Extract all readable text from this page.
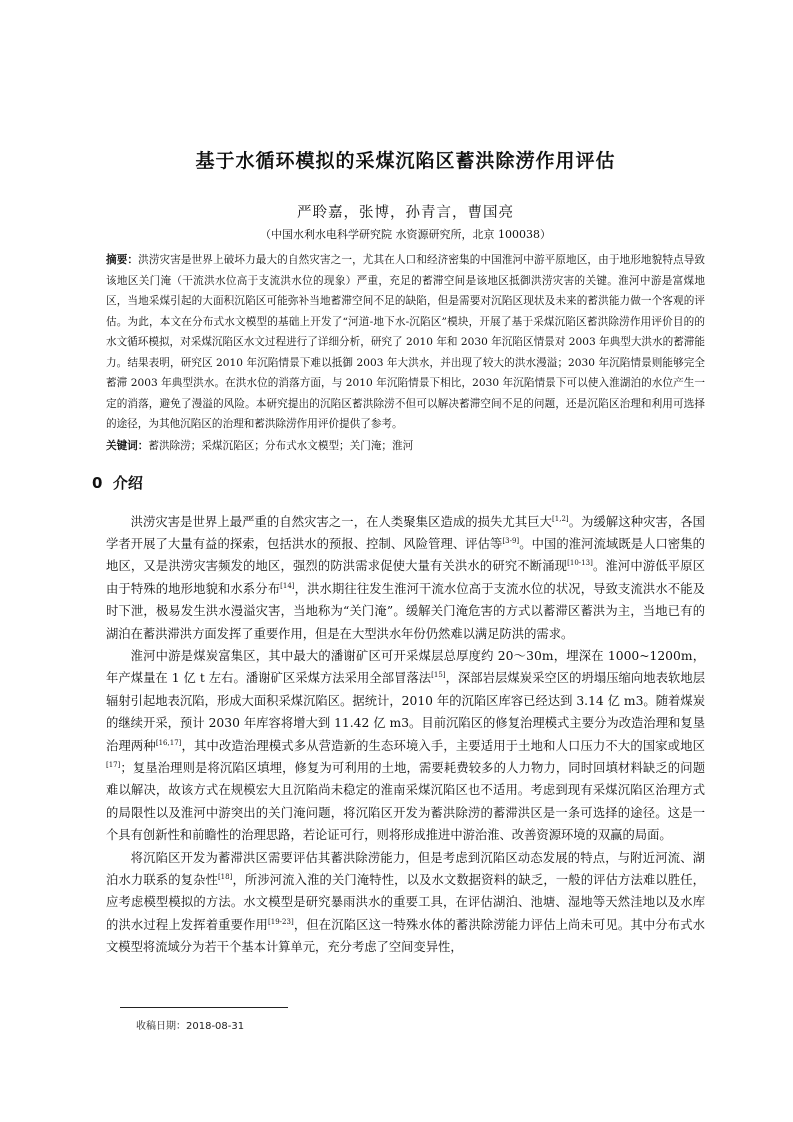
基于水循环模拟的采煤沉陷区蓄洪除涝作用评估
严聆嘉，张博，孙青言，曹国亮
（中国水利水电科学研究院 水资源研究所，北京 100038）
摘要：洪涝灾害是世界上破坏力最大的自然灾害之一，尤其在人口和经济密集的中国淮河中游平原地区，由于地形地貌特点导致该地区关门淹（干流洪水位高于支流洪水位的现象）严重，充足的蓄滞空间是该地区抵御洪涝灾害的关键。淮河中游是富煤地区，当地采煤引起的大面积沉陷区可能弥补当地蓄滞空间不足的缺陷，但是需要对沉陷区现状及未来的蓄洪能力做一个客观的评估。为此，本文在分布式水文模型的基础上开发了“河道-地下水-沉陷区”模块，开展了基于采煤沉陷区蓄洪除涝作用评价目的的水文循环模拟，对采煤沉陷区水文过程进行了详细分析，研究了 2010 年和 2030 年沉陷区情景对 2003 年典型大洪水的蓄滞能力。结果表明，研究区 2010 年沉陷情景下难以抵御 2003 年大洪水，并出现了较大的洪水漫溢；2030 年沉陷情景则能够完全蓄滞 2003 年典型洪水。在洪水位的消落方面，与 2010 年沉陷情景下相比，2030 年沉陷情景下可以使入淮湖泊的水位产生一定的消落，避免了漫溢的风险。本研究提出的沉陷区蓄洪除涝不但可以解决蓄滞空间不足的问题，还是沉陷区治理和利用可选择的途径，为其他沉陷区的治理和蓄洪除涝作用评价提供了参考。
关键词：蓄洪除涝；采煤沉陷区；分布式水文模型；关门淹；淮河
0 介绍

洪涝灾害是世界上最严重的自然灾害之一，在人类聚集区造成的损失尤其巨大[1,2]。为缓解这种灾害，各国学者开展了大量有益的探索，包括洪水的预报、控制、风险管理、评估等[3-9]。中国的淮河流域既是人口密集的地区，又是洪涝灾害频发的地区，强烈的防洪需求促使大量有关洪水的研究不断涌现[10-13]。淮河中游低平原区由于特殊的地形地貌和水系分布[14]，洪水期往往发生淮河干流水位高于支流水位的状况，导致支流洪水不能及时下泄，极易发生洪水漫溢灾害，当地称为“关门淹”。缓解关门淹危害的方式以蓄滞区蓄洪为主，当地已有的湖泊在蓄洪滞洪方面发挥了重要作用，但是在大型洪水年份仍然难以满足防洪的需求。

淮河中游是煤炭富集区，其中最大的潘谢矿区可开采煤层总厚度约 20～30m，埋深在 1000~1200m，年产煤量在 1 亿 t 左右。潘谢矿区采煤方法采用全部冒落法[15]，深部岩层煤炭采空区的坍塌压缩向地表软地层辐射引起地表沉陷，形成大面积采煤沉陷区。据统计，2010 年的沉陷区库容已经达到 3.14 亿 m3。随着煤炭的继续开采，预计 2030 年库容将增大到 11.42 亿 m3。目前沉陷区的修复治理模式主要分为改造治理和复垦治理两种[16,17]，其中改造治理模式多从营造新的生态环境入手，主要适用于土地和人口压力不大的国家或地区[17]；复垦治理则是将沉陷区填埋，修复为可利用的土地，需要耗费较多的人力物力，同时回填材料缺乏的问题难以解决，故该方式在规模宏大且沉陷尚未稳定的淮南采煤沉陷区也不适用。考虑到现有采煤沉陷区治理方式的局限性以及淮河中游突出的关门淹问题，将沉陷区开发为蓄洪除涝的蓄滞洪区是一条可选择的途径。这是一个具有创新性和前瞻性的治理思路，若论证可行，则将形成推进中游治淮、改善资源环境的双赢的局面。

将沉陷区开发为蓄滞洪区需要评估其蓄洪除涝能力，但是考虑到沉陷区动态发展的特点，与附近河流、湖泊水力联系的复杂性[18]，所涉河流入淮的关门淹特性，以及水文数据资料的缺乏，一般的评估方法难以胜任，应考虑模型模拟的方法。水文模型是研究暴雨洪水的重要工具，在评估湖泊、池塘、湿地等天然洼地以及水库的洪水过程上发挥着重要作用[19-23]，但在沉陷区这一特殊水体的蓄洪除涝能力评估上尚未可见。其中分布式水文模型将流域分为若干个基本计算单元，充分考虑了空间变异性，

收稿日期：2018-08-31
